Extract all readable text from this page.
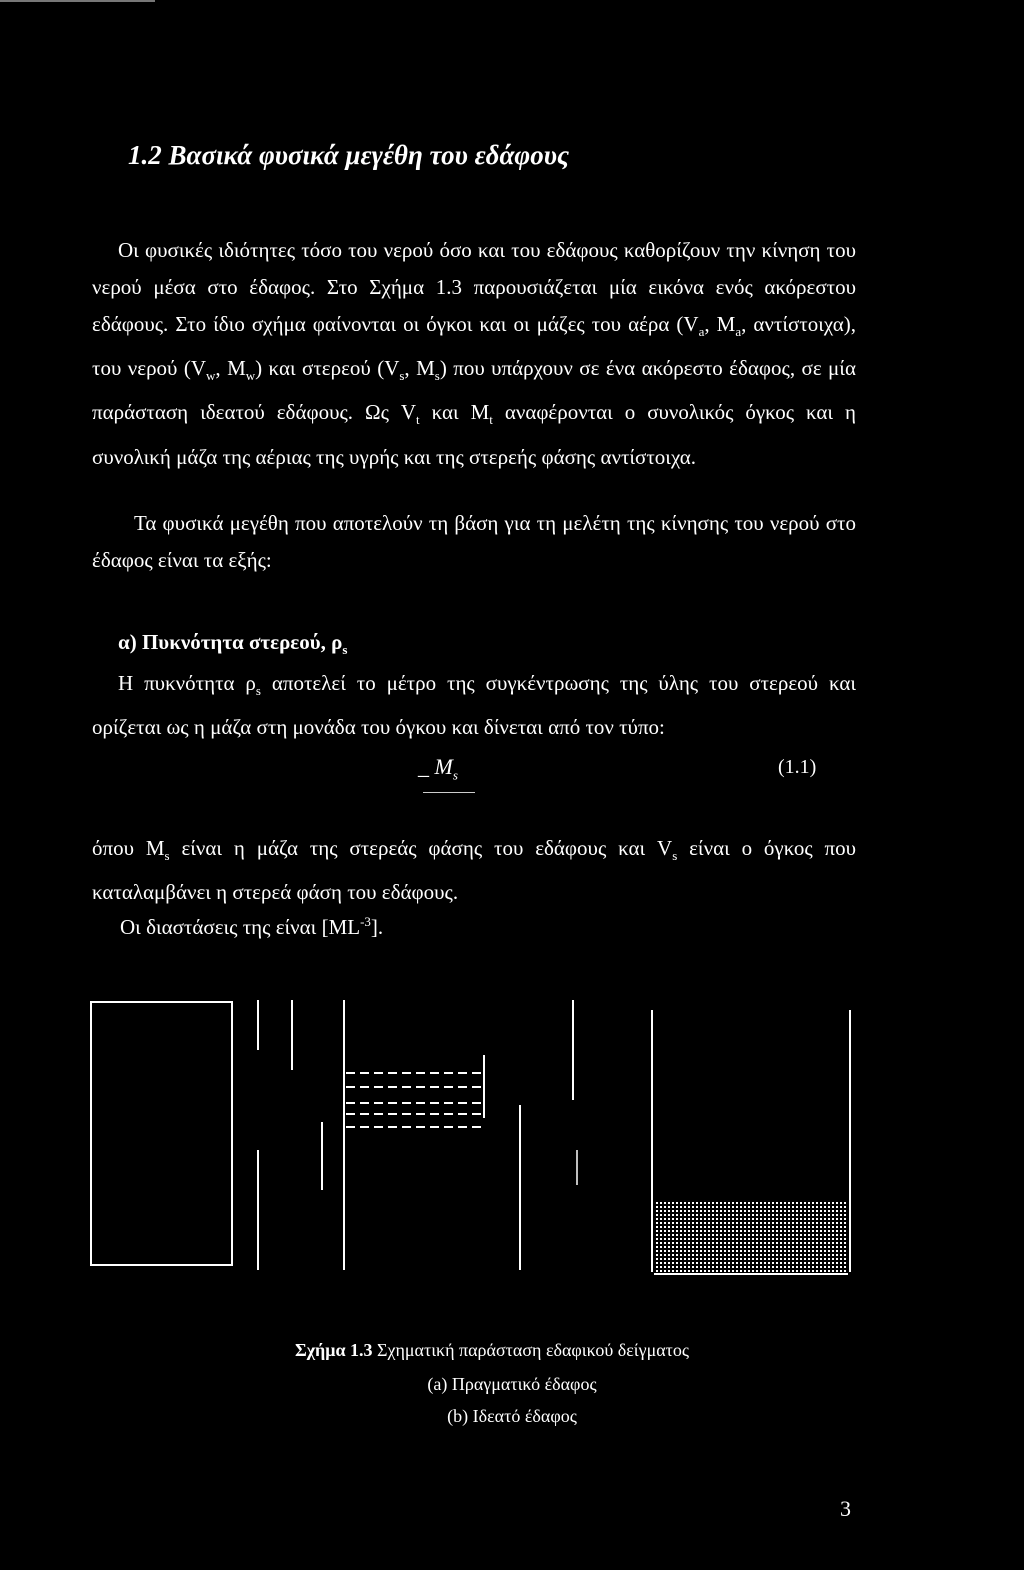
1.2 Βασικά φυσικά μεγέθη του εδάφους
Οι φυσικές ιδιότητες τόσο του νερού όσο και του εδάφους καθορίζουν την κίνηση του νερού μέσα στο έδαφος. Στο Σχήμα 1.3 παρουσιάζεται μία εικόνα ενός ακόρεστου εδάφους. Στο ίδιο σχήμα φαίνονται οι όγκοι και οι μάζες του αέρα ($V_a$, $M_a$, αντίστοιχα), του νερού ($V_w$, $M_w$) και στερεού ($V_s$, $M_s$) που υπάρχουν σε ένα ακόρεστο έδαφος, σε μία παράσταση ιδεατού εδάφους. Ως $V_t$ και $M_t$ αναφέρονται ο συνολικός όγκος και η συνολική μάζα της αέριας της υγρής και της στερεής φάσης αντίστοιχα.
Τα φυσικά μεγέθη που αποτελούν τη βάση για τη μελέτη της κίνησης του νερού στο έδαφος είναι τα εξής:
α) Πυκνότητα στερεού, $\rho_s$
Η πυκνότητα $\rho_s$ αποτελεί το μέτρο της συγκέντρωσης της ύλης του στερεού και ορίζεται ως η μάζα στη μονάδα του όγκου και δίνεται από τον τύπο:
_ $M_s$	(1.1)
όπου $M_s$ είναι η μάζα της στερεάς φάσης του εδάφους και $V_s$ είναι ο όγκος που καταλαμβάνει η στερεά φάση του εδάφους.
Οι διαστάσεις της είναι $[ML^{-3}]$.
Σχήμα 1.3 Σχηματική παράσταση εδαφικού δείγματος
(a) Πραγματικό έδαφος
(b) Ιδεατό έδαφος
3
